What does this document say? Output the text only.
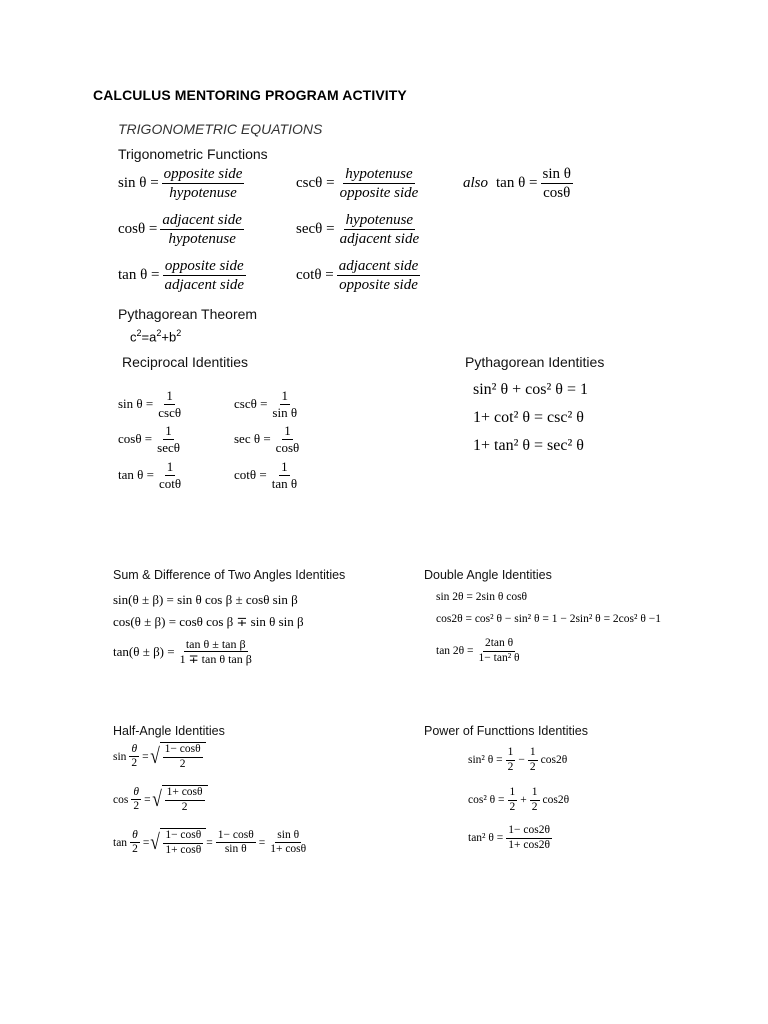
CALCULUS MENTORING PROGRAM ACTIVITY
TRIGONOMETRIC EQUATIONS
Trigonometric Functions
sin θ =
opposite side
hypotenuse
cosθ =
adjacent side
hypotenuse
tan θ =
opposite side
adjacent side
cscθ =
hypotenuse
opposite side
secθ =
hypotenuse
adjacent side
cotθ =
adjacent side
opposite side
also $\tan \theta = \frac{\text{sin θ}}{\cos\theta}$
Pythagorean Theorem
$c^2=a^2+b^2$
Reciprocal Identities
sin θ =
1
cscθ
cosθ =
1
secθ
$\tan \theta = \frac{1}{\cot\theta}$
$\csc\theta = \frac{1}{\text{sin θ}}$
$\sec \theta = \frac{1}{\cos\theta}$
$\cot\theta = \frac{1}{\text{tan θ}}$
Pythagorean Identities
sin² θ + cos² θ = 1
1+ cot² θ = csc² θ
1+ tan² θ = sec² θ
Sum & Difference of Two Angles Identities
sin(θ ± β) = sin θ cos β ± cosθ sin β
cos(θ ± β) = cosθ cos β ∓ sin θ sin β
$\tan(\theta \pm \beta) = \frac{\text{tan θ ± tan β}}{\text{1 ∓ tan θ tan β}}$
Double Angle Identities
sin 2θ = 2sin θ cosθ
cos2θ = cos² θ − sin² θ = 1 − 2sin² θ = 2cos² θ −1
$\tan 2\theta = \frac{\text{2tan θ}}{\text{1− tan² θ}}$
Half-Angle Identities
$\sin \frac{\theta}{2}$ = √ 1− cosθ
2
$\cos \frac{\theta}{2}$ = √ 1+ cosθ
2
$\tan \frac{\theta}{2}$ = √ 1− cosθ
1+ cosθ
= $\frac{1- \cos\theta}{\text{sin θ}} = \frac{\text{sin θ}}{1+ \cos\theta}$
Power of Functtions Identities
sin² $\theta = \frac{1}{2} - \frac{1}{2} \cos 2\theta$
cos² $\theta = \frac{1}{2} + \frac{1}{2} \cos 2\theta$
tan² $\theta = \frac{1- \cos 2\theta}{1+ \cos 2\theta}$
